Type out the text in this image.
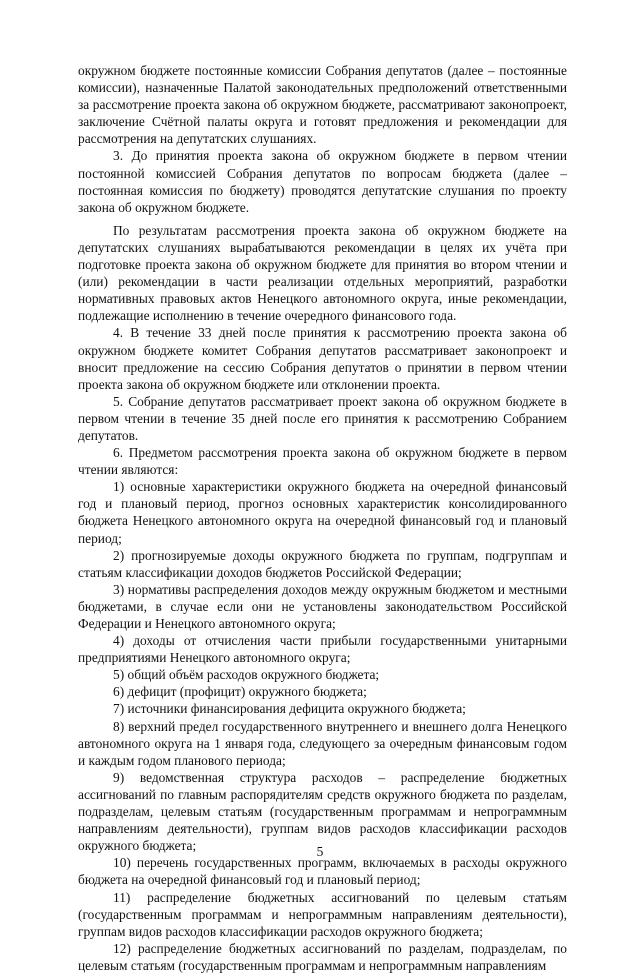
окружном бюджете постоянные комиссии Собрания депутатов (далее – постоянные комиссии), назначенные Палатой законодательных предположений ответственными за рассмотрение проекта закона об окружном бюджете, рассматривают законопроект, заключение Счётной палаты округа и готовят предложения и рекомендации для рассмотрения на депутатских слушаниях.

3. До принятия проекта закона об окружном бюджете в первом чтении постоянной комиссией Собрания депутатов по вопросам бюджета (далее – постоянная комиссия по бюджету) проводятся депутатские слушания по проекту закона об окружном бюджете.

По результатам рассмотрения проекта закона об окружном бюджете на депутатских слушаниях вырабатываются рекомендации в целях их учёта при подготовке проекта закона об окружном бюджете для принятия во втором чтении и (или) рекомендации в части реализации отдельных мероприятий, разработки нормативных правовых актов Ненецкого автономного округа, иные рекомендации, подлежащие исполнению в течение очередного финансового года.

4. В течение 33 дней после принятия к рассмотрению проекта закона об окружном бюджете комитет Собрания депутатов рассматривает законопроект и вносит предложение на сессию Собрания депутатов о принятии в первом чтении проекта закона об окружном бюджете или отклонении проекта.

5. Собрание депутатов рассматривает проект закона об окружном бюджете в первом чтении в течение 35 дней после его принятия к рассмотрению Собранием депутатов.

6. Предметом рассмотрения проекта закона об окружном бюджете в первом чтении являются:

1) основные характеристики окружного бюджета на очередной финансовый год и плановый период, прогноз основных характеристик консолидированного бюджета Ненецкого автономного округа на очередной финансовый год и плановый период;

2) прогнозируемые доходы окружного бюджета по группам, подгруппам и статьям классификации доходов бюджетов Российской Федерации;

3) нормативы распределения доходов между окружным бюджетом и местными бюджетами, в случае если они не установлены законодательством Российской Федерации и Ненецкого автономного округа;

4) доходы от отчисления части прибыли государственными унитарными предприятиями Ненецкого автономного округа;

5) общий объём расходов окружного бюджета;

6) дефицит (профицит) окружного бюджета;

7) источники финансирования дефицита окружного бюджета;

8) верхний предел государственного внутреннего и внешнего долга Ненецкого автономного округа на 1 января года, следующего за очередным финансовым годом и каждым годом планового периода;

9) ведомственная структура расходов – распределение бюджетных ассигнований по главным распорядителям средств окружного бюджета по разделам, подразделам, целевым статьям (государственным программам и непрограммным направлениям деятельности), группам видов расходов классификации расходов окружного бюджета;

10) перечень государственных программ, включаемых в расходы окружного бюджета на очередной финансовый год и плановый период;

11) распределение бюджетных ассигнований по целевым статьям (государственным программам и непрограммным направлениям деятельности), группам видов расходов классификации расходов окружного бюджета;

12) распределение бюджетных ассигнований по разделам, подразделам, по целевым статьям (государственным программам и непрограммным направлениям

5
